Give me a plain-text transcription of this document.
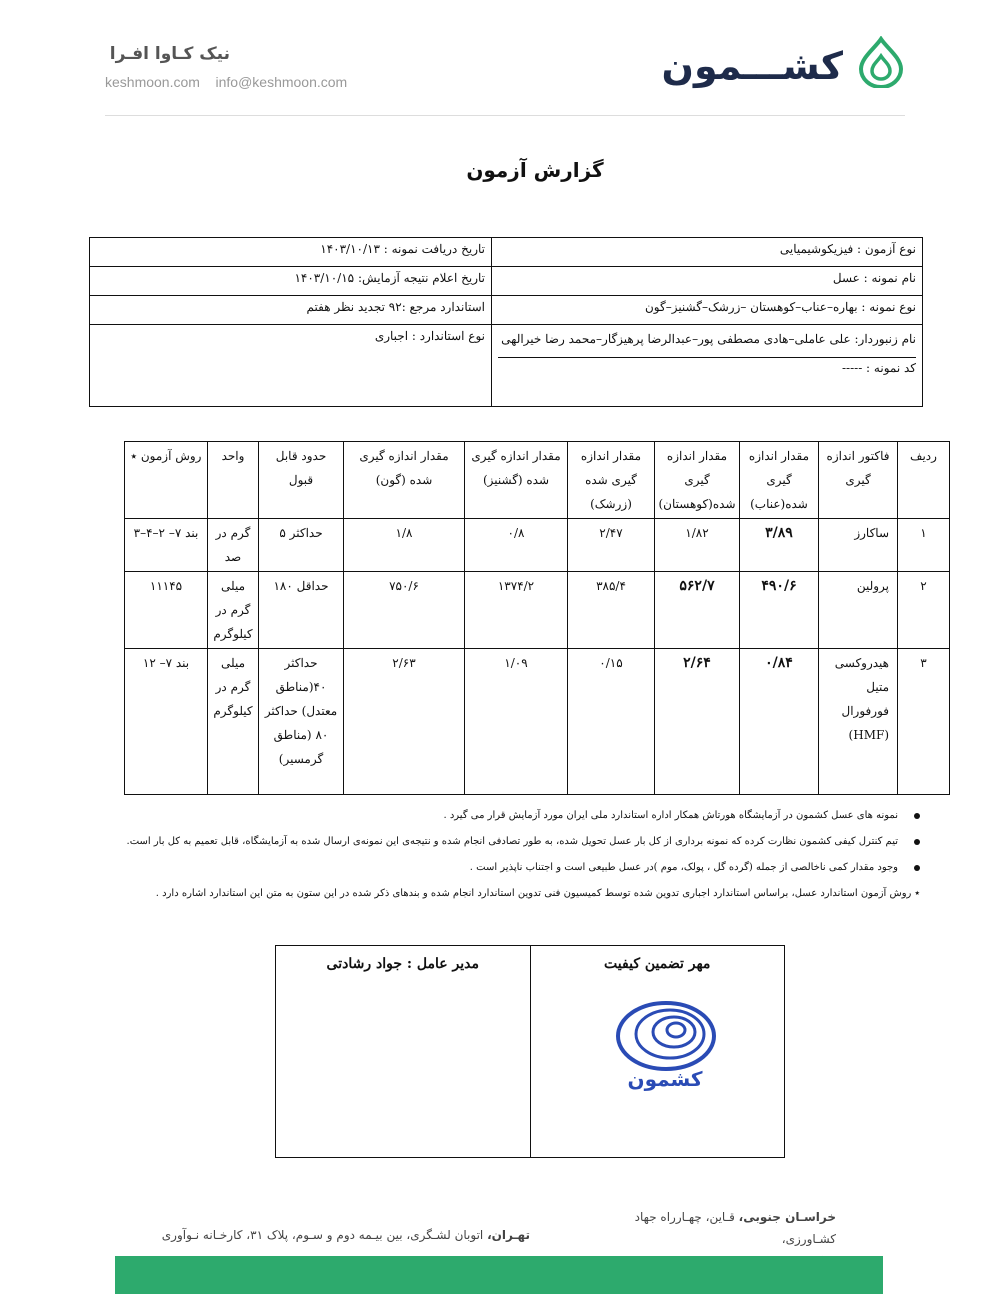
کشـــمون
نیک کـاوا افـرا
keshmoon.com info@keshmoon.com
گزارش آزمون
نوع آزمون : فیزیکوشیمیایی	تاریخ دریافت نمونه : ۱۴۰۳/۱۰/۱۳
نام نمونه : عسل	تاریخ اعلام نتیجه آزمایش: ۱۴۰۳/۱۰/۱۵
نوع نمونه : بهاره–عناب–کوهستان –زرشک–گشنیز–گون	استاندارد مرجع :۹۲ تجدید نظر هفتم

نام زنبوردار: علی عاملی–هادی مصطفی پور–عبدالرضا پرهیزگار–محمد رضا خیرالهی
کد نمونه : -----	نوع استاندارد : اجباری
ردیف	فاکتور اندازه گیری	مقدار اندازه گیری شده(عناب)	مقدار اندازه گیری شده(کوهستان)	مقدار اندازه گیری شده (زرشک)	مقدار اندازه گیری شده (گشنیز)	مقدار اندازه گیری شده (گون)	حدود قابل قبول	واحد	روش آزمون ٭
۱	ساکارز	۳/۸۹	۱/۸۲	۲/۴۷	۰/۸	۱/۸	حداکثر ۵	گرم در صد	بند ۷– ۲–۴–۳
۲	پرولین	۴۹۰/۶	۵۶۲/۷	۳۸۵/۴	۱۳۷۴/۲	۷۵۰/۶	حداقل ۱۸۰	میلی گرم در کیلوگرم	۱۱۱۴۵
۳	هیدروکسی متیل فورفورال (HMF)	۰/۸۴	۲/۶۴	۰/۱۵	۱/۰۹	۲/۶۳	حداکثر ۴۰(مناطق معتدل) حداکثر ۸۰ (مناطق گرمسیر)	میلی گرم در کیلوگرم	بند ۷– ۱۲
نمونه های عسل کشمون در آزمایشگاه هورتاش همکار اداره استاندارد ملی ایران مورد آزمایش قرار می گیرد .
تیم کنترل کیفی کشمون نظارت کرده که نمونه برداری از کل بار عسل تحویل شده، به طور تصادفی انجام شده و نتیجه‌ی این نمونه‌ی ارسال شده به آزمایشگاه، قابل تعمیم به کل بار است.
وجود مقدار کمی ناخالصی از جمله (گرده گل ، پولک، موم )در عسل طبیعی است و اجتناب ناپذیر است .
٭ روش آزمون استاندارد عسل، براساس استاندارد اجباری تدوین شده توسط کمیسیون فنی تدوین استاندارد انجام شده و بندهای ذکر شده در این ستون به متن این استاندارد اشاره دارد .
مهر تضمین کیفیت	مدیر عامل : جواد رشادتی
کشمون
خراسـان جنوبی، قـاین، چهـارراه جهاد کشـاورزی،

تهـران، اتوبان لشـگری، بین بیـمه دوم و سـوم، پلاک ۳۱، کارخـانه نـوآوری
